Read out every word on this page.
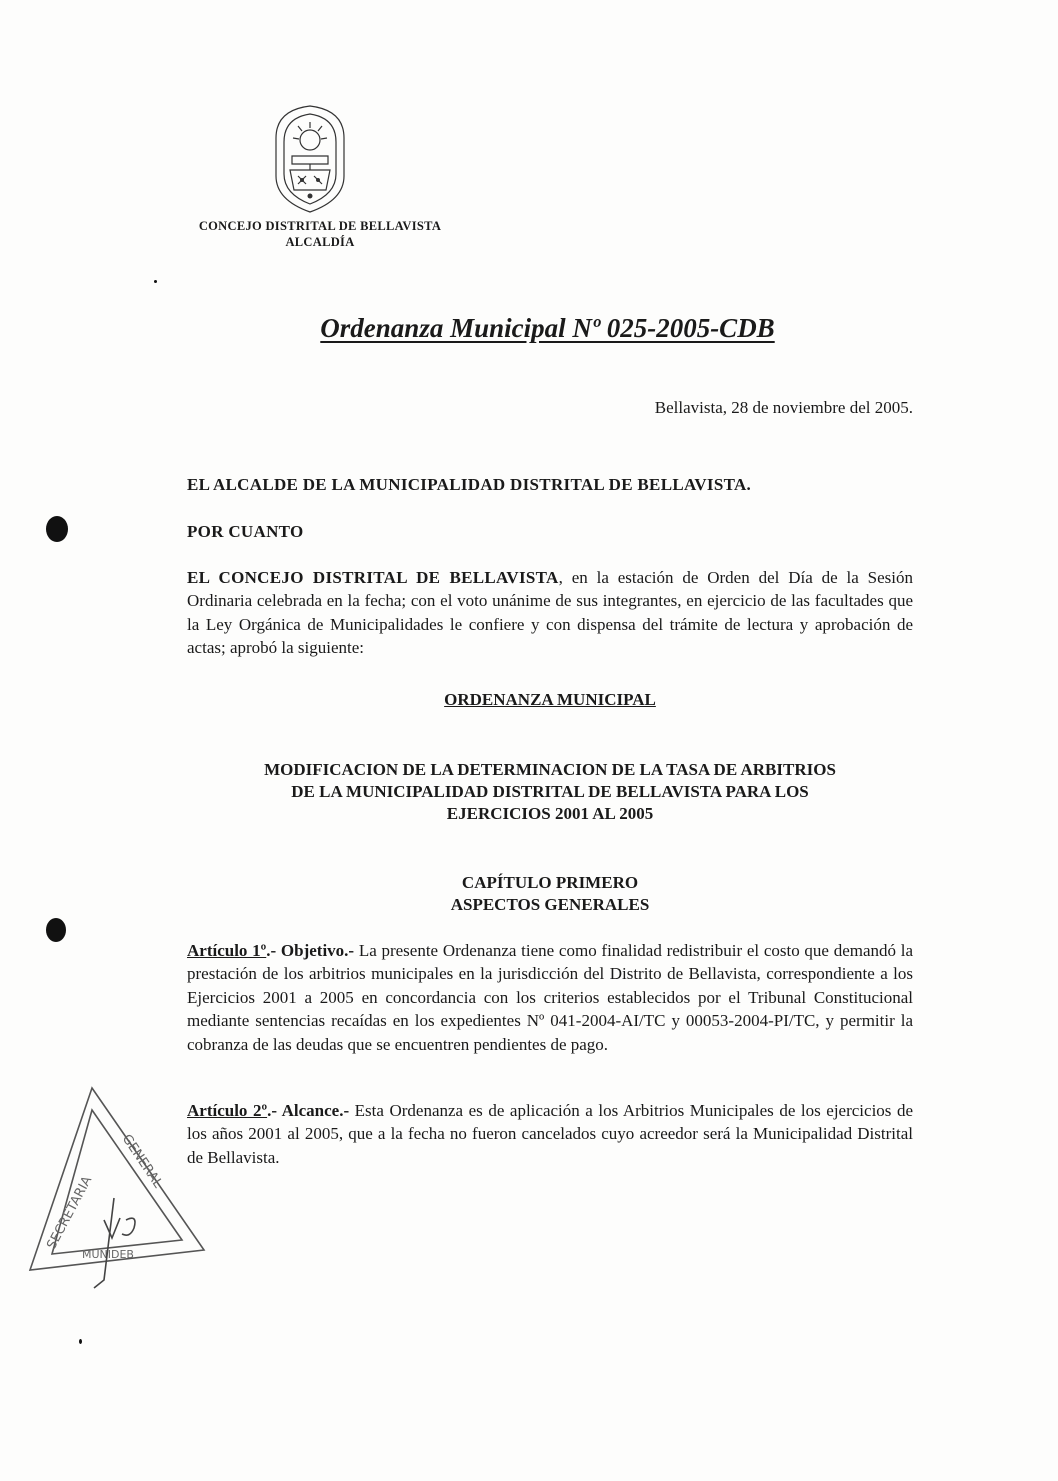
CONCEJO DISTRITAL DE BELLAVISTA
ALCALDÍA
Ordenanza Municipal Nº 025-2005-CDB
Bellavista, 28 de noviembre del 2005.
EL ALCALDE DE LA MUNICIPALIDAD DISTRITAL DE BELLAVISTA.
POR CUANTO
EL CONCEJO DISTRITAL DE BELLAVISTA, en la estación de Orden del Día de la Sesión Ordinaria celebrada en la fecha; con el voto unánime de sus integrantes, en ejercicio de las facultades que la Ley Orgánica de Municipalidades le confiere y con dispensa del trámite de lectura y aprobación de actas; aprobó la siguiente:
ORDENANZA MUNICIPAL
MODIFICACION DE LA DETERMINACION DE LA TASA DE ARBITRIOS
DE LA MUNICIPALIDAD DISTRITAL DE BELLAVISTA PARA LOS
EJERCICIOS 2001 AL 2005
CAPÍTULO PRIMERO
ASPECTOS GENERALES
Artículo 1º.- Objetivo.- La presente Ordenanza tiene como finalidad redistribuir el costo que demandó la prestación de los arbitrios municipales en la jurisdicción del Distrito de Bellavista, correspondiente a los Ejercicios 2001 a 2005 en concordancia con los criterios establecidos por el Tribunal Constitucional mediante sentencias recaídas en los expedientes Nº 041-2004-AI/TC y 00053-2004-PI/TC, y permitir la cobranza de las deudas que se encuentren pendientes de pago.
Artículo 2º.- Alcance.- Esta Ordenanza es de aplicación a los Arbitrios Municipales de los ejercicios de los años 2001 al 2005, que a la fecha no fueron cancelados cuyo acreedor será la Municipalidad Distrital de Bellavista.
SECRETARIA
GENERAL
MUNIDEB
